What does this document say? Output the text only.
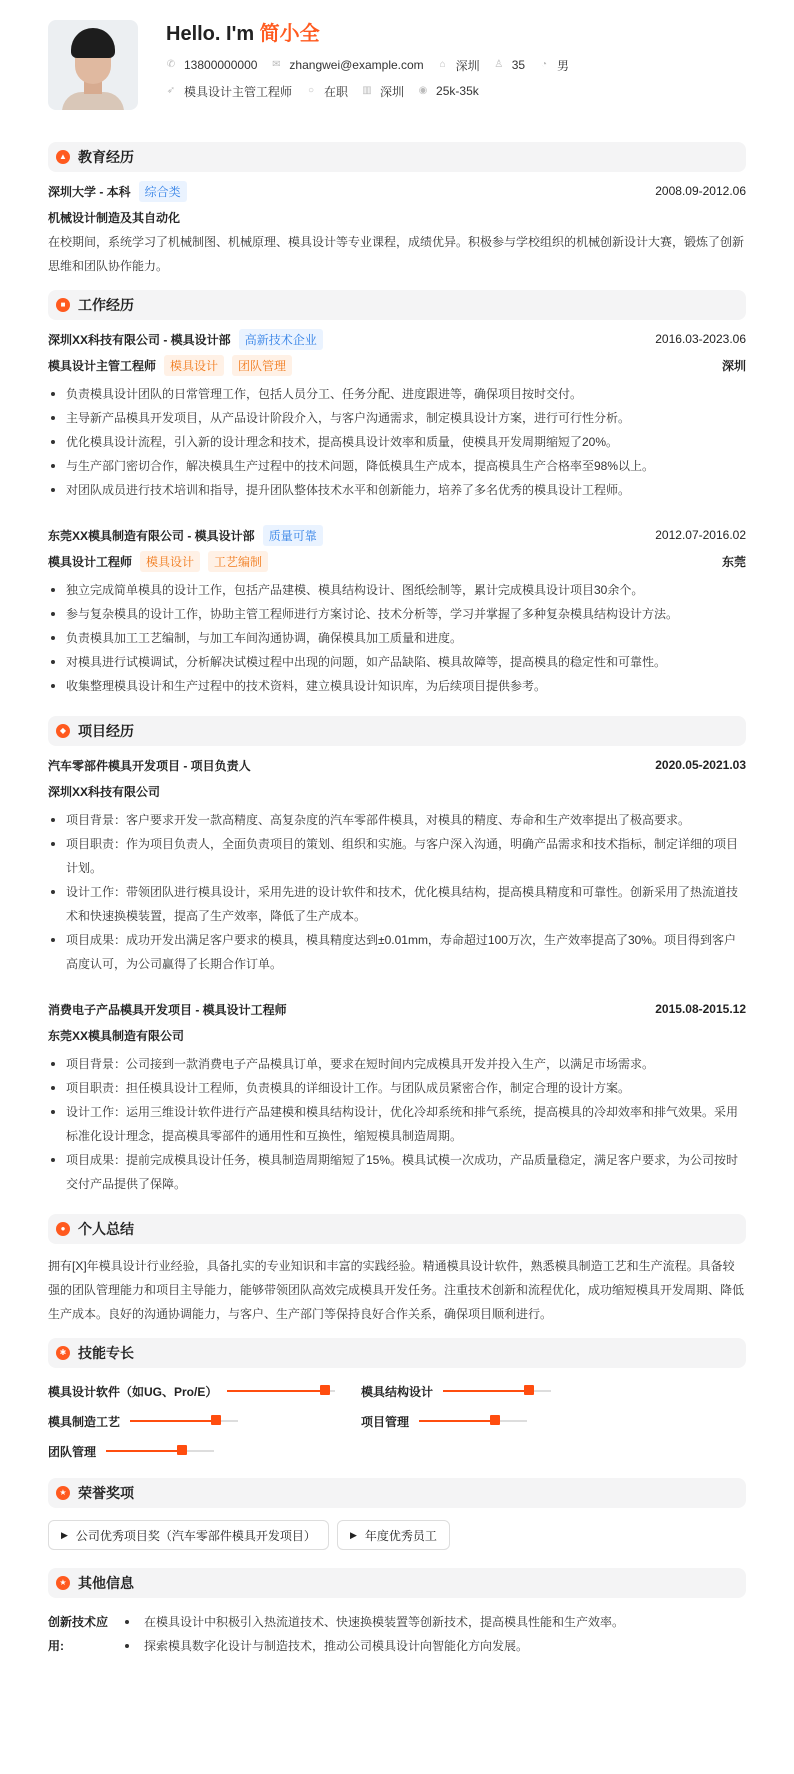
Hello. I'm 简小全
✆ 13800000000 ✉ zhangwei@example.com ⌂ 深圳 ♙ 35 ◔ 男
➶ 模具设计主管工程师 ○ 在职 ▥ 深圳 ◉ 25k-35k
▲ 教育经历
深圳大学 - 本科	综合类	2008.09-2012.06
机械设计制造及其自动化
在校期间，系统学习了机械制图、机械原理、模具设计等专业课程，成绩优异。积极参与学校组织的机械创新设计大赛，锻炼了创新思维和团队协作能力。
■ 工作经历
深圳XX科技有限公司 - 模具设计部	高新技术企业	2016.03-2023.06
模具设计主管工程师	模具设计	团队管理	深圳
负责模具设计团队的日常管理工作，包括人员分工、任务分配、进度跟进等，确保项目按时交付。
主导新产品模具开发项目，从产品设计阶段介入，与客户沟通需求，制定模具设计方案，进行可行性分析。
优化模具设计流程，引入新的设计理念和技术，提高模具设计效率和质量，使模具开发周期缩短了20%。
与生产部门密切合作，解决模具生产过程中的技术问题，降低模具生产成本，提高模具生产合格率至98%以上。
对团队成员进行技术培训和指导，提升团队整体技术水平和创新能力，培养了多名优秀的模具设计工程师。
东莞XX模具制造有限公司 - 模具设计部	质量可靠	2012.07-2016.02
模具设计工程师	模具设计	工艺编制	东莞
独立完成简单模具的设计工作，包括产品建模、模具结构设计、图纸绘制等，累计完成模具设计项目30余个。
参与复杂模具的设计工作，协助主管工程师进行方案讨论、技术分析等，学习并掌握了多种复杂模具结构设计方法。
负责模具加工工艺编制，与加工车间沟通协调，确保模具加工质量和进度。
对模具进行试模调试，分析解决试模过程中出现的问题，如产品缺陷、模具故障等，提高模具的稳定性和可靠性。
收集整理模具设计和生产过程中的技术资料，建立模具设计知识库，为后续项目提供参考。
◆ 项目经历
汽车零部件模具开发项目 - 项目负责人	2020.05-2021.03
深圳XX科技有限公司
项目背景：客户要求开发一款高精度、高复杂度的汽车零部件模具，对模具的精度、寿命和生产效率提出了极高要求。
项目职责：作为项目负责人，全面负责项目的策划、组织和实施。与客户深入沟通，明确产品需求和技术指标，制定详细的项目计划。
设计工作：带领团队进行模具设计，采用先进的设计软件和技术，优化模具结构，提高模具精度和可靠性。创新采用了热流道技术和快速换模装置，提高了生产效率，降低了生产成本。
项目成果：成功开发出满足客户要求的模具，模具精度达到±0.01mm，寿命超过100万次，生产效率提高了30%。项目得到客户高度认可，为公司赢得了长期合作订单。
消费电子产品模具开发项目 - 模具设计工程师	2015.08-2015.12
东莞XX模具制造有限公司
项目背景：公司接到一款消费电子产品模具订单，要求在短时间内完成模具开发并投入生产，以满足市场需求。
项目职责：担任模具设计工程师，负责模具的详细设计工作。与团队成员紧密合作，制定合理的设计方案。
设计工作：运用三维设计软件进行产品建模和模具结构设计，优化冷却系统和排气系统，提高模具的冷却效率和排气效果。采用标准化设计理念，提高模具零部件的通用性和互换性，缩短模具制造周期。
项目成果：提前完成模具设计任务，模具制造周期缩短了15%。模具试模一次成功，产品质量稳定，满足客户要求，为公司按时交付产品提供了保障。
● 个人总结
拥有[X]年模具设计行业经验，具备扎实的专业知识和丰富的实践经验。精通模具设计软件，熟悉模具制造工艺和生产流程。具备较强的团队管理能力和项目主导能力，能够带领团队高效完成模具开发任务。注重技术创新和流程优化，成功缩短模具开发周期、降低生产成本。良好的沟通协调能力，与客户、生产部门等保持良好合作关系，确保项目顺利进行。
✱ 技能专长
模具设计软件（如UG、Pro/E）	模具结构设计
模具制造工艺	项目管理
团队管理
★ 荣誉奖项
▶ 公司优秀项目奖（汽车零部件模具开发项目）	▶ 年度优秀员工
★ 其他信息
创新技术应用:
在模具设计中积极引入热流道技术、快速换模装置等创新技术，提高模具性能和生产效率。
探索模具数字化设计与制造技术，推动公司模具设计向智能化方向发展。
